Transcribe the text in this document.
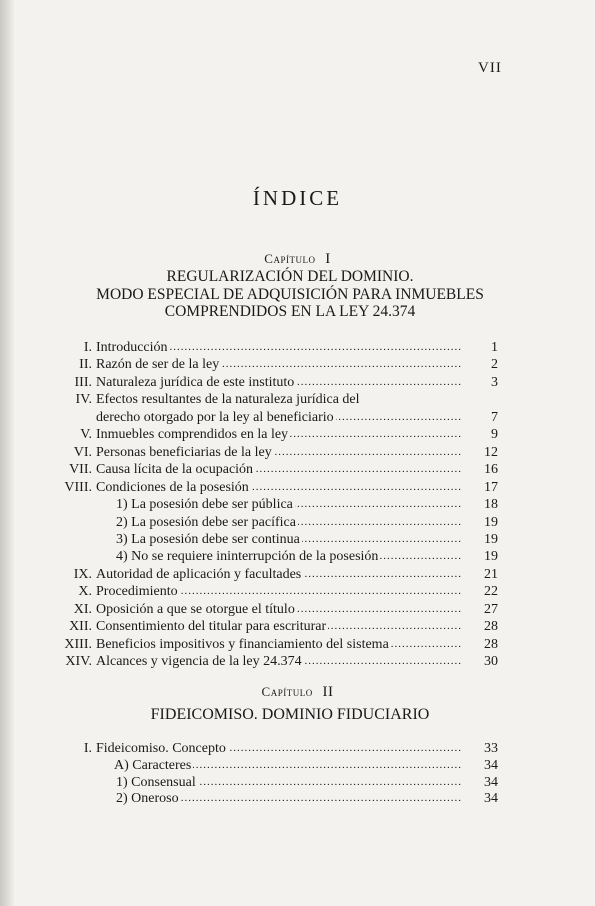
VII
ÍNDICE
Capítulo I
REGULARIZACIÓN DEL DOMINIO.
MODO ESPECIAL DE ADQUISICIÓN PARA INMUEBLES
COMPRENDIDOS EN LA LEY 24.374
I. Introducción .....	1
II. Razón de ser de la ley .....	2
III. Naturaleza jurídica de este instituto .....	3
IV. Efectos resultantes de la naturaleza jurídica del
derecho otorgado por la ley al beneficiario .....	7
V. Inmuebles comprendidos en la ley .....	9
VI. Personas beneficiarias de la ley .....	12
VII. Causa lícita de la ocupación .....	16
VIII. Condiciones de la posesión .....	17
1) La posesión debe ser pública .....	18
2) La posesión debe ser pacífica .....	19
3) La posesión debe ser continua .....	19
4) No se requiere ininterrupción de la posesión .....	19
IX. Autoridad de aplicación y facultades .....	21
X. Procedimiento .....	22
XI. Oposición a que se otorgue el título .....	27
XII. Consentimiento del titular para escriturar .....	28
XIII. Beneficios impositivos y financiamiento del sistema .....	28
XIV. Alcances y vigencia de la ley 24.374 .....	30
Capítulo II
FIDEICOMISO. DOMINIO FIDUCIARIO
I. Fideicomiso. Concepto .....	33
A) Caracteres .....	34
1) Consensual .....	34
2) Oneroso .....	34
